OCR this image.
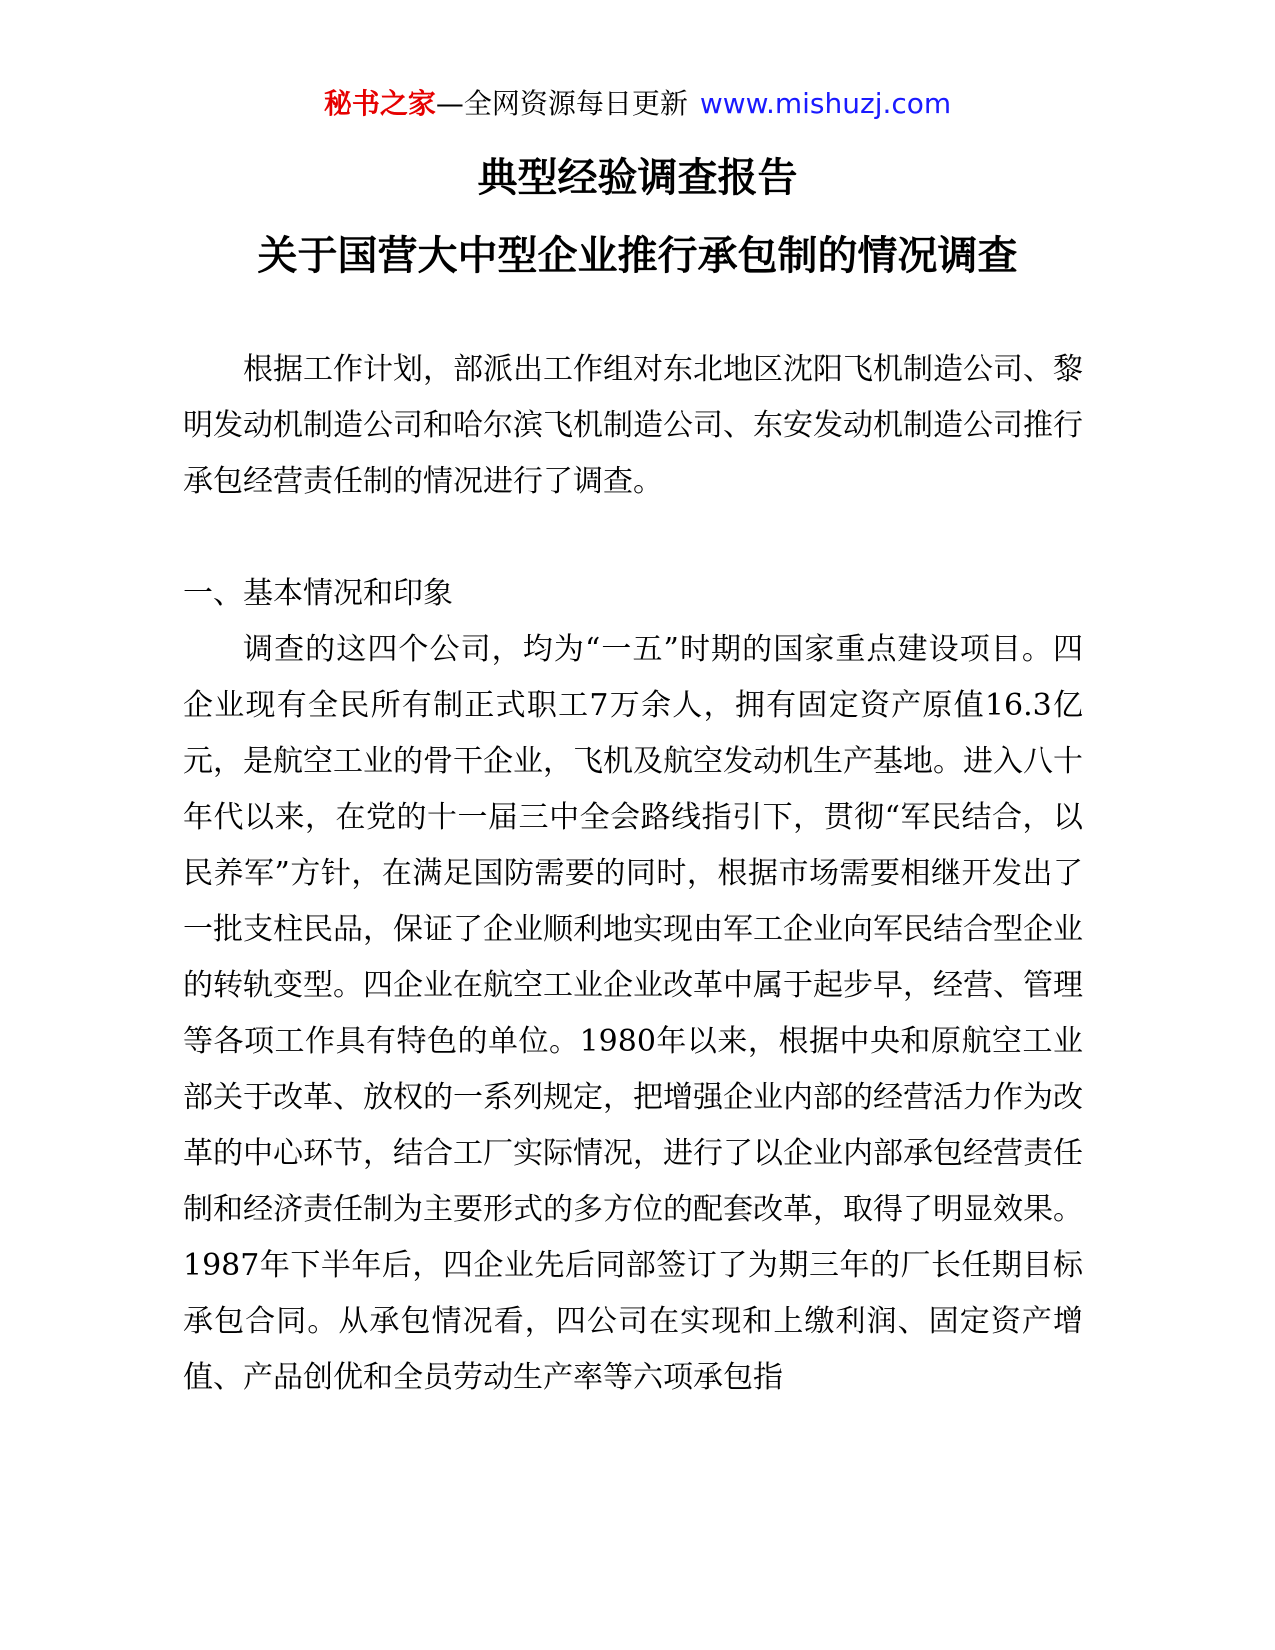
秘书之家—全网资源每日更新 www.mishuzj.com
典型经验调查报告
关于国营大中型企业推行承包制的情况调查

根据工作计划，部派出工作组对东北地区沈阳飞机制造公司、黎明发动机制造公司和哈尔滨飞机制造公司、东安发动机制造公司推行承包经营责任制的情况进行了调查。

一、基本情况和印象

调查的这四个公司，均为“一五”时期的国家重点建设项目。四企业现有全民所有制正式职工7万余人，拥有固定资产原值16.3亿元，是航空工业的骨干企业，飞机及航空发动机生产基地。进入八十年代以来，在党的十一届三中全会路线指引下，贯彻“军民结合，以民养军”方针，在满足国防需要的同时，根据市场需要相继开发出了一批支柱民品，保证了企业顺利地实现由军工企业向军民结合型企业的转轨变型。四企业在航空工业企业改革中属于起步早，经营、管理等各项工作具有特色的单位。1980年以来，根据中央和原航空工业部关于改革、放权的一系列规定，把增强企业内部的经营活力作为改革的中心环节，结合工厂实际情况，进行了以企业内部承包经营责任制和经济责任制为主要形式的多方位的配套改革，取得了明显效果。1987年下半年后，四企业先后同部签订了为期三年的厂长任期目标承包合同。从承包情况看，四公司在实现和上缴利润、固定资产增值、产品创优和全员劳动生产率等六项承包指
